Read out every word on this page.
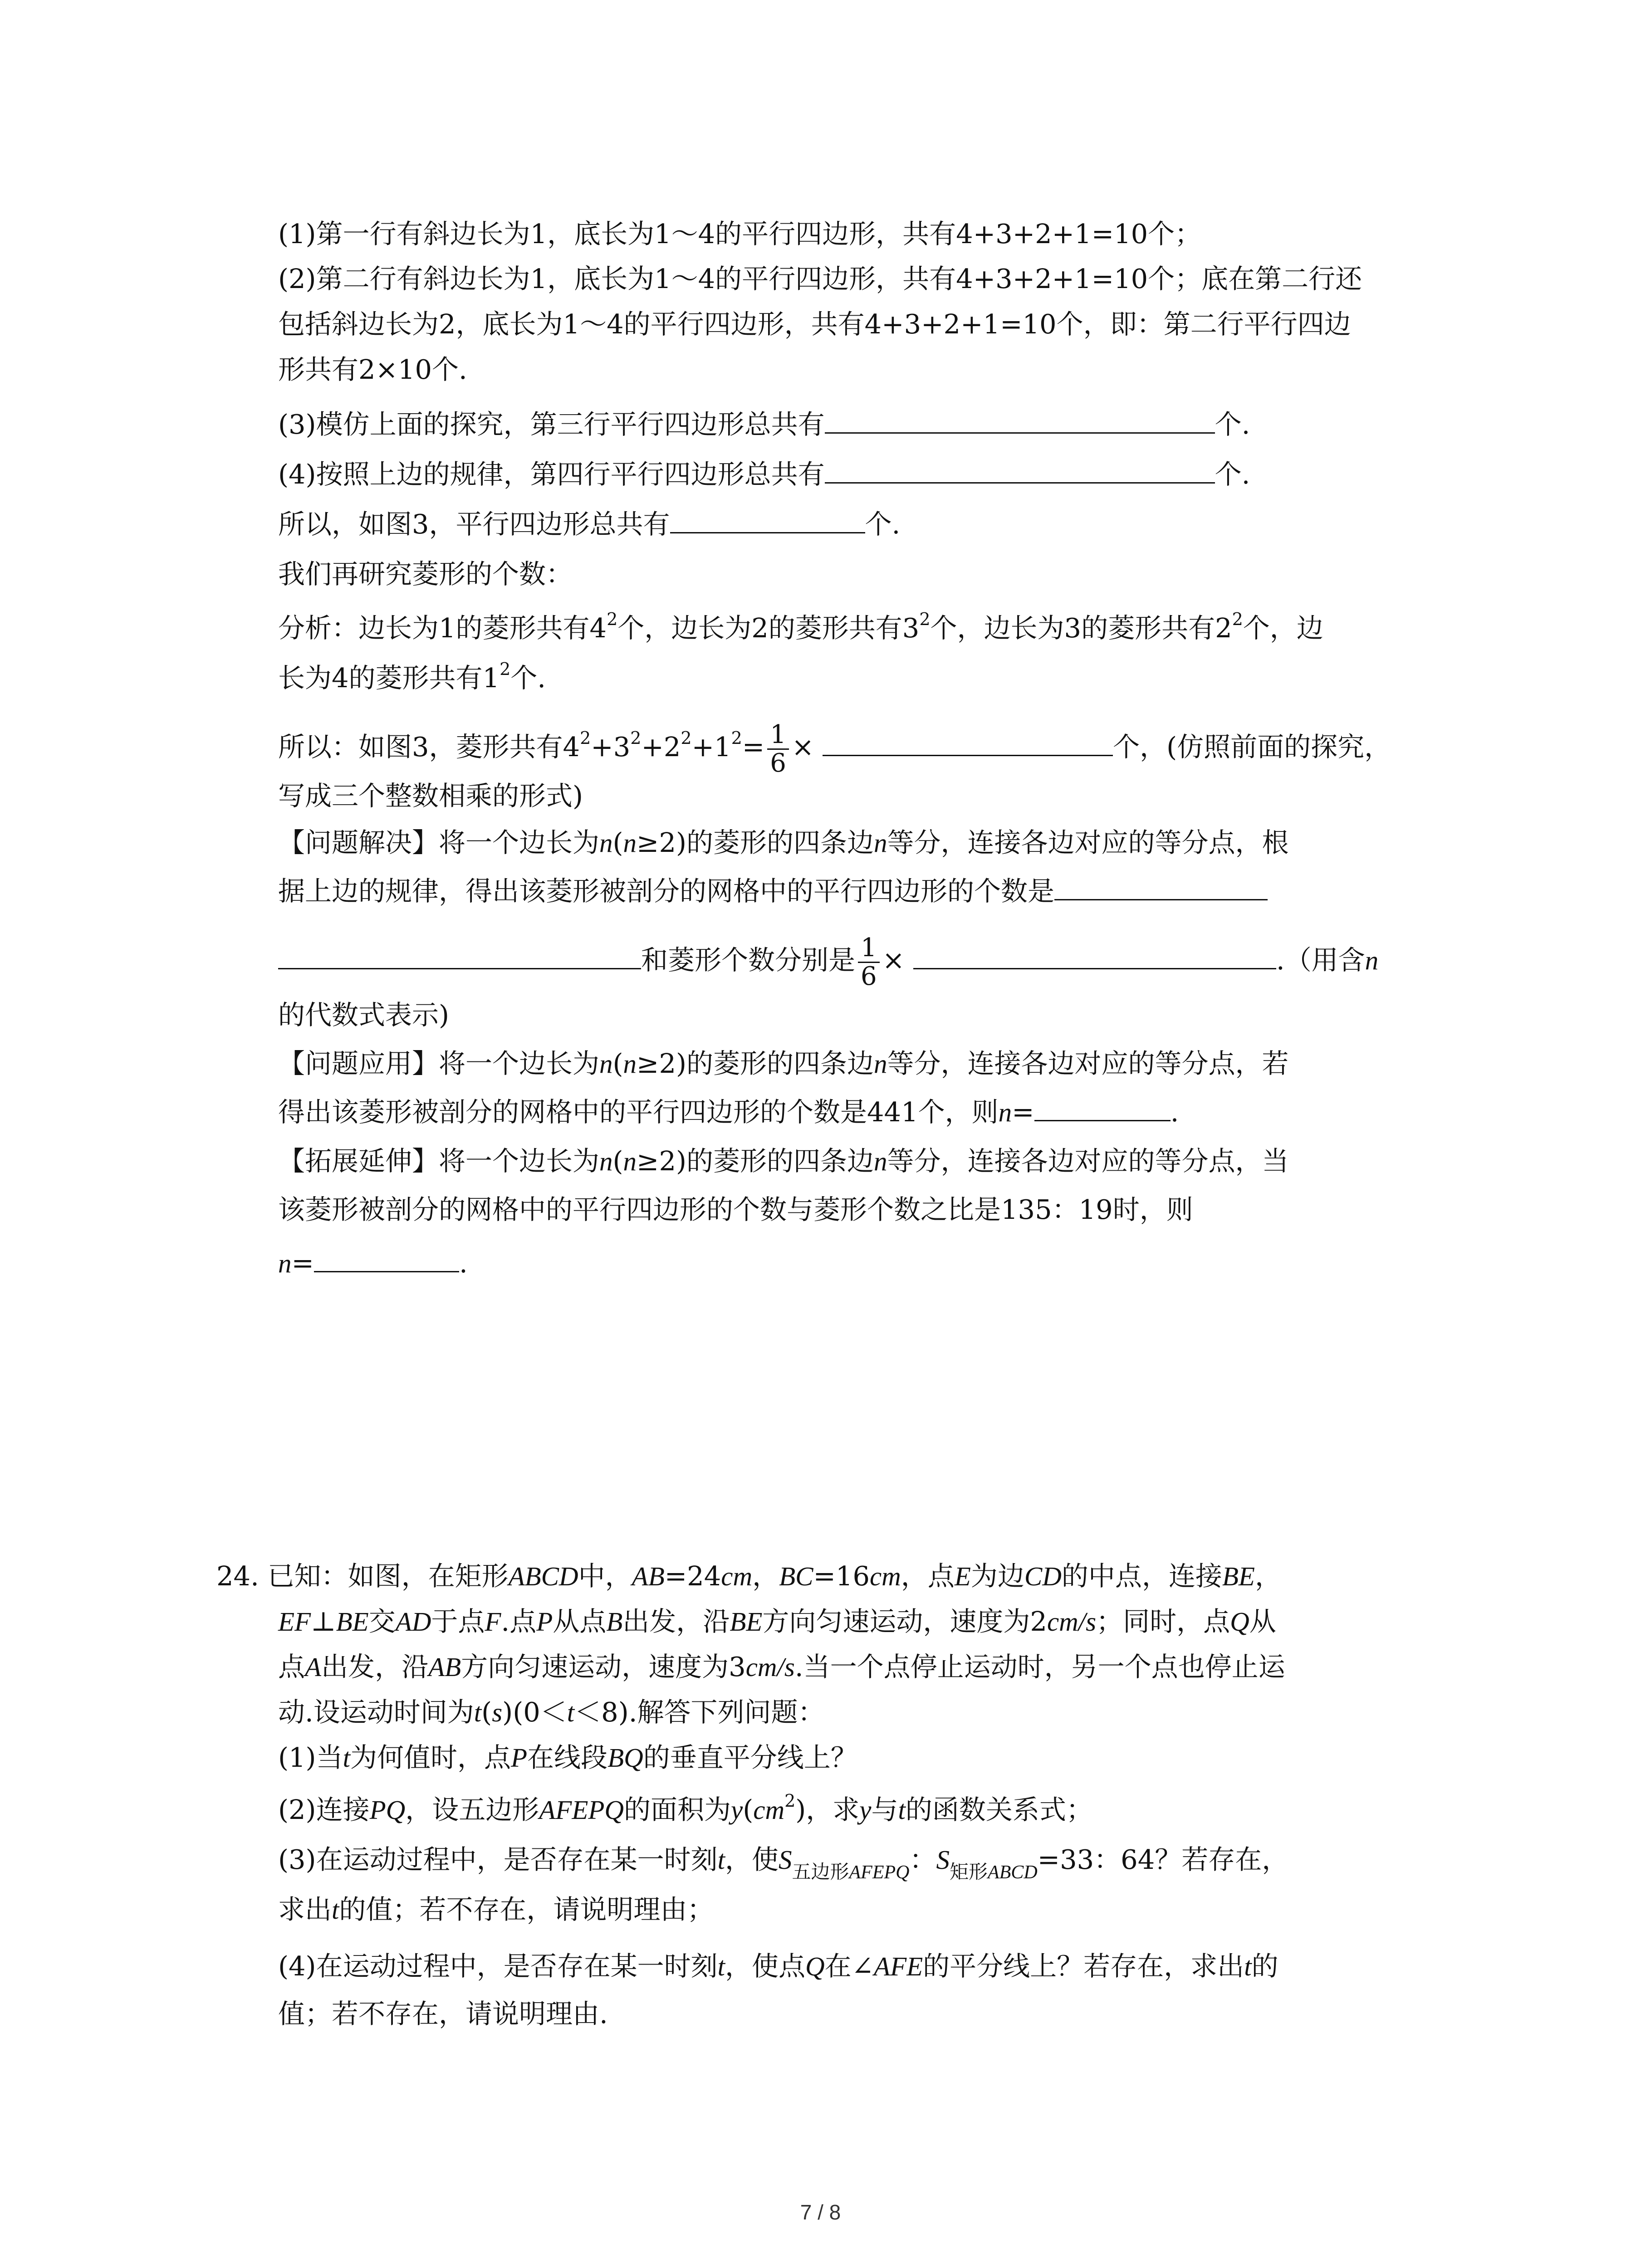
(1)第一行有斜边长为1，底长为1～4的平行四边形，共有4+3+2+1=10个；
(2)第二行有斜边长为1，底长为1～4的平行四边形，共有4+3+2+1=10个；底在第二行还
包括斜边长为2，底长为1～4的平行四边形，共有4+3+2+1=10个，即：第二行平行四边
形共有2×10个.
(3)模仿上面的探究，第三行平行四边形总共有	个.
(4)按照上边的规律，第四行平行四边形总共有	个.
所以，如图3，平行四边形总共有	个.
我们再研究菱形的个数：
分析：边长为1的菱形共有$4^2$个，边长为2的菱形共有$3^2$个，边长为3的菱形共有$2^2$个，边
长为4的菱形共有$1^2$个.
所以：如图3，菱形共有$4^2+3^2+2^2+1^2= \frac{1}{6}$ ×	个，(仿照前面的探究，
写成三个整数相乘的形式)
【问题解决】将一个边长为n(n≥2)的菱形的四条边n等分，连接各边对应的等分点，根
据上边的规律，得出该菱形被剖分的网格中的平行四边形的个数是
和菱形个数分别是 $\frac{1}{6}$ ×	.（用含n
的代数式表示)
【问题应用】将一个边长为n(n≥2)的菱形的四条边n等分，连接各边对应的等分点，若
得出该菱形被剖分的网格中的平行四边形的个数是441个，则n=	.
【拓展延伸】将一个边长为n(n≥2)的菱形的四条边n等分，连接各边对应的等分点，当
该菱形被剖分的网格中的平行四边形的个数与菱形个数之比是135：19时，则
n=	.
24. 已知：如图，在矩形ABCD中，AB=24cm，BC=16cm，点E为边CD的中点，连接BE，
EF⊥BE交AD于点F.点P从点B出发，沿BE方向匀速运动，速度为2cm/s；同时，点Q从
点A出发，沿AB方向匀速运动，速度为3cm/s.当一个点停止运动时，另一个点也停止运
动.设运动时间为t(s)(0＜t＜8).解答下列问题：
(1)当t为何值时，点P在线段BQ的垂直平分线上？
(2)连接PQ，设五边形AFEPQ的面积为$y(cm^2)$，求y与t的函数关系式；
(3)在运动过程中，是否存在某一时刻t，使$S_{五边形AFEPQ}$：$S_{矩形ABCD}=33$：64？若存在，
求出t的值；若不存在，请说明理由；
(4)在运动过程中，是否存在某一时刻t，使点Q在∠AFE的平分线上？若存在，求出t的
值；若不存在，请说明理由.
7 / 8
